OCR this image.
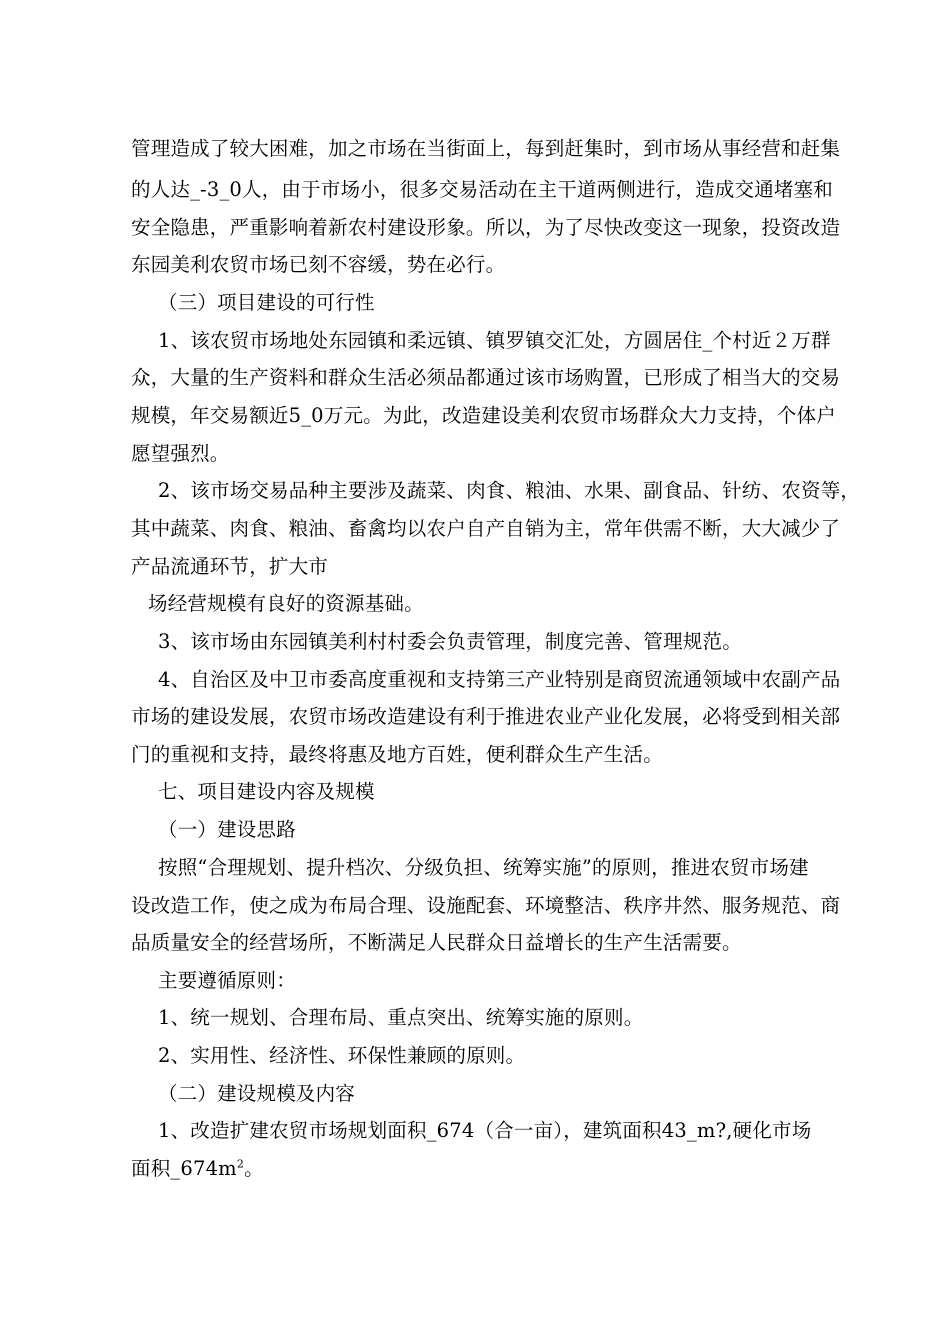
管理造成了较大困难，加之市场在当街面上，每到赶集时，到市场从事经营和赶集
的人达_-3_0人，由于市场小，很多交易活动在主干道两侧进行，造成交通堵塞和
安全隐患，严重影响着新农村建设形象。所以，为了尽快改变这一现象，投资改造
东园美利农贸市场已刻不容缓，势在必行。
（三）项目建设的可行性
1、该农贸市场地处东园镇和柔远镇、镇罗镇交汇处，方圆居住_个村近２万群
众，大量的生产资料和群众生活必须品都通过该市场购置，已形成了相当大的交易
规模，年交易额近5_0万元。为此，改造建设美利农贸市场群众大力支持，个体户
愿望强烈。
2、该市场交易品种主要涉及蔬菜、肉食、粮油、水果、副食品、针纺、农资等，
其中蔬菜、肉食、粮油、畜禽均以农户自产自销为主，常年供需不断，大大减少了
产品流通环节，扩大市
场经营规模有良好的资源基础。
3、该市场由东园镇美利村村委会负责管理，制度完善、管理规范。
4、自治区及中卫市委高度重视和支持第三产业特别是商贸流通领域中农副产品
市场的建设发展，农贸市场改造建设有利于推进农业产业化发展，必将受到相关部
门的重视和支持，最终将惠及地方百姓，便利群众生产生活。
七、项目建设内容及规模
（一）建设思路
按照“合理规划、提升档次、分级负担、统筹实施”的原则，推进农贸市场建
设改造工作，使之成为布局合理、设施配套、环境整洁、秩序井然、服务规范、商
品质量安全的经营场所，不断满足人民群众日益增长的生产生活需要。
主要遵循原则：
1、统一规划、合理布局、重点突出、统筹实施的原则。
2、实用性、经济性、环保性兼顾的原则。
（二）建设规模及内容
1、改造扩建农贸市场规划面积_674（合一亩），建筑面积43_m?,硬化市场
面积$\_674m^2$。
